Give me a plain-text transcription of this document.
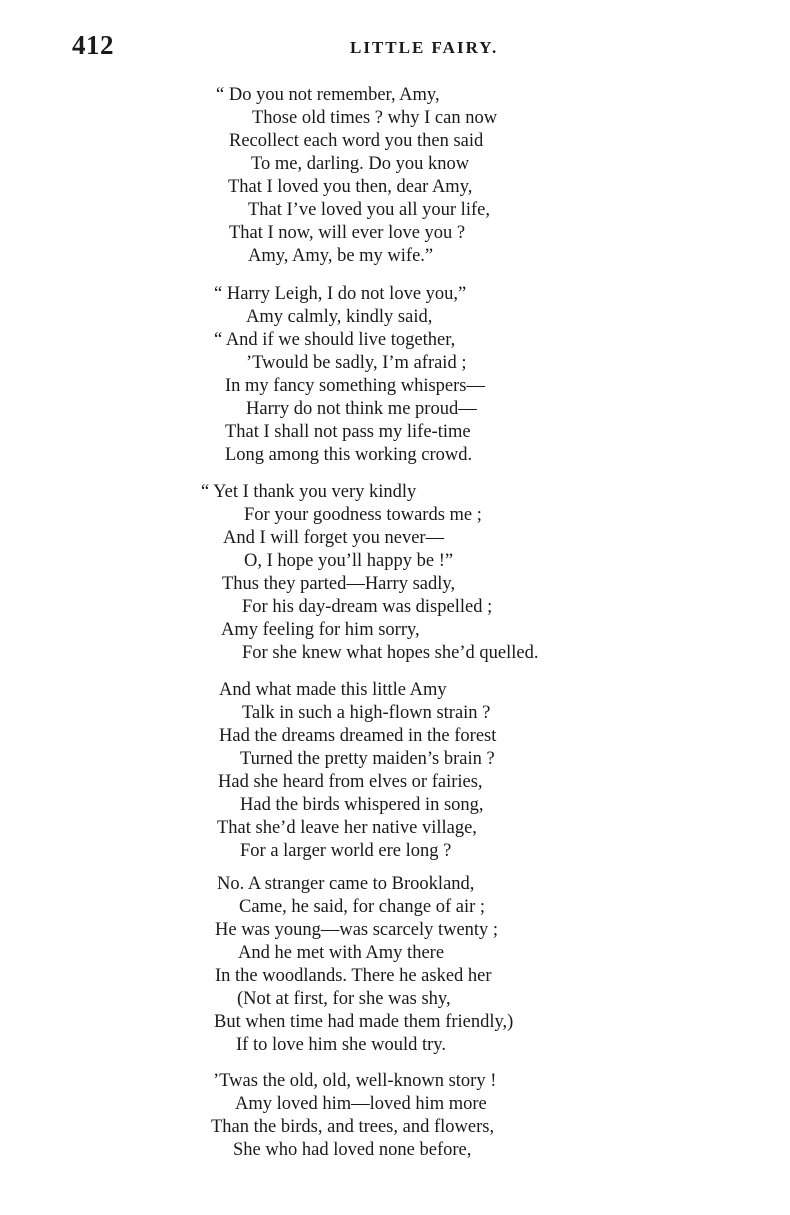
412	LITTLE FAIRY.
“ Do you not remember, Amy,
Those old times ? why I can now
Recollect each word you then said
To me, darling. Do you know
That I loved you then, dear Amy,
That I’ve loved you all your life,
That I now, will ever love you ?
Amy, Amy, be my wife.”
“ Harry Leigh, I do not love you,”
Amy calmly, kindly said,
“ And if we should live together,
’Twould be sadly, I’m afraid ;
In my fancy something whispers—
Harry do not think me proud—
That I shall not pass my life-time
Long among this working crowd.
“ Yet I thank you very kindly
For your goodness towards me ;
And I will forget you never—
O, I hope you’ll happy be !”
Thus they parted—Harry sadly,
For his day-dream was dispelled ;
Amy feeling for him sorry,
For she knew what hopes she’d quelled.
And what made this little Amy
Talk in such a high-flown strain ?
Had the dreams dreamed in the forest
Turned the pretty maiden’s brain ?
Had she heard from elves or fairies,
Had the birds whispered in song,
That she’d leave her native village,
For a larger world ere long ?
No. A stranger came to Brookland,
Came, he said, for change of air ;
He was young—was scarcely twenty ;
And he met with Amy there
In the woodlands. There he asked her
(Not at first, for she was shy,
But when time had made them friendly,)
If to love him she would try.
’Twas the old, old, well-known story !
Amy loved him—loved him more
Than the birds, and trees, and flowers,
She who had loved none before,
